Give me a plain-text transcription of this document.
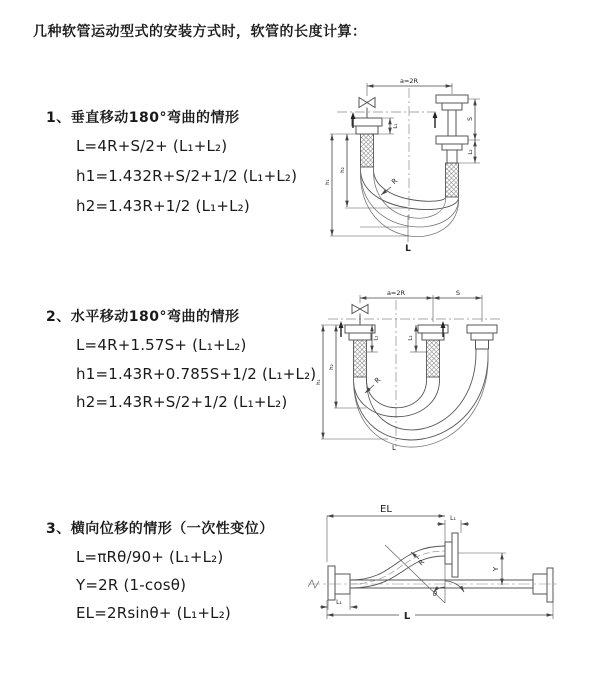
几种软管运动型式的安装方式时，软管的长度计算：
1、垂直移动180°弯曲的情形
L=4R+S/2+ (L₁+L₂)
h1=1.432R+S/2+1/2 (L₁+L₂)
h2=1.43R+1/2 (L₁+L₂)
2、水平移动180°弯曲的情形
L=4R+1.57S+ (L₁+L₂)
h1=1.43R+0.785S+1/2 (L₁+L₂)
h2=1.43R+S/2+1/2 (L₁+L₂)
3、横向位移的情形（一次性变位）
L=πRθ/90+ (L₁+L₂)
Y=2R (1-cosθ)
EL=2Rsinθ+ (L₁+L₂)
a=2R
R
S
L₂
L₁
h₂
h₁
L
a=2R	S
L₁	L₂
h₂
h₁	R
L
EL
L₁
Y
θ
R
L
L₁
